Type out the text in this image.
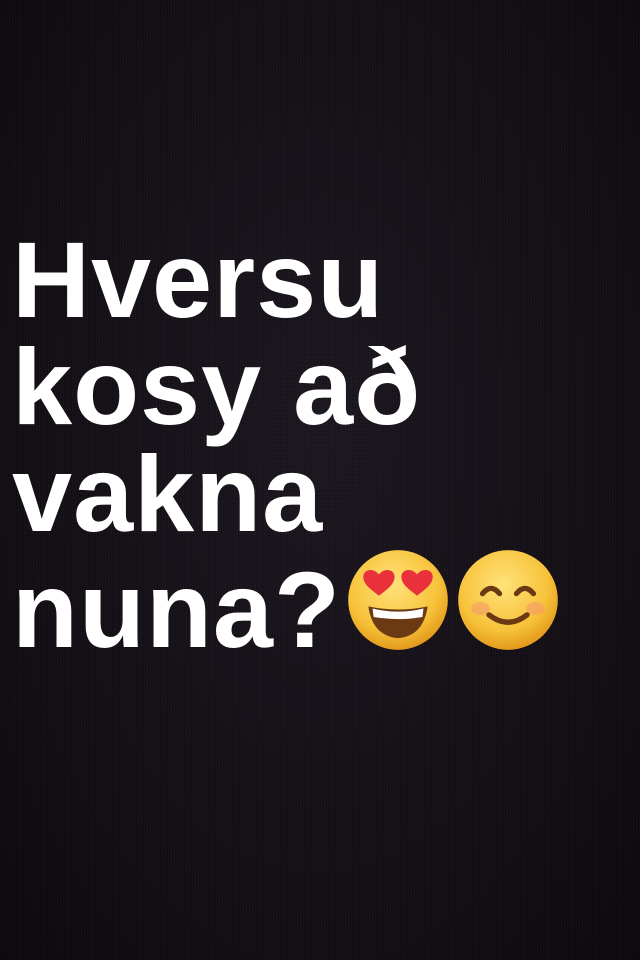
Hversu
kosy að
vakna
nuna?
